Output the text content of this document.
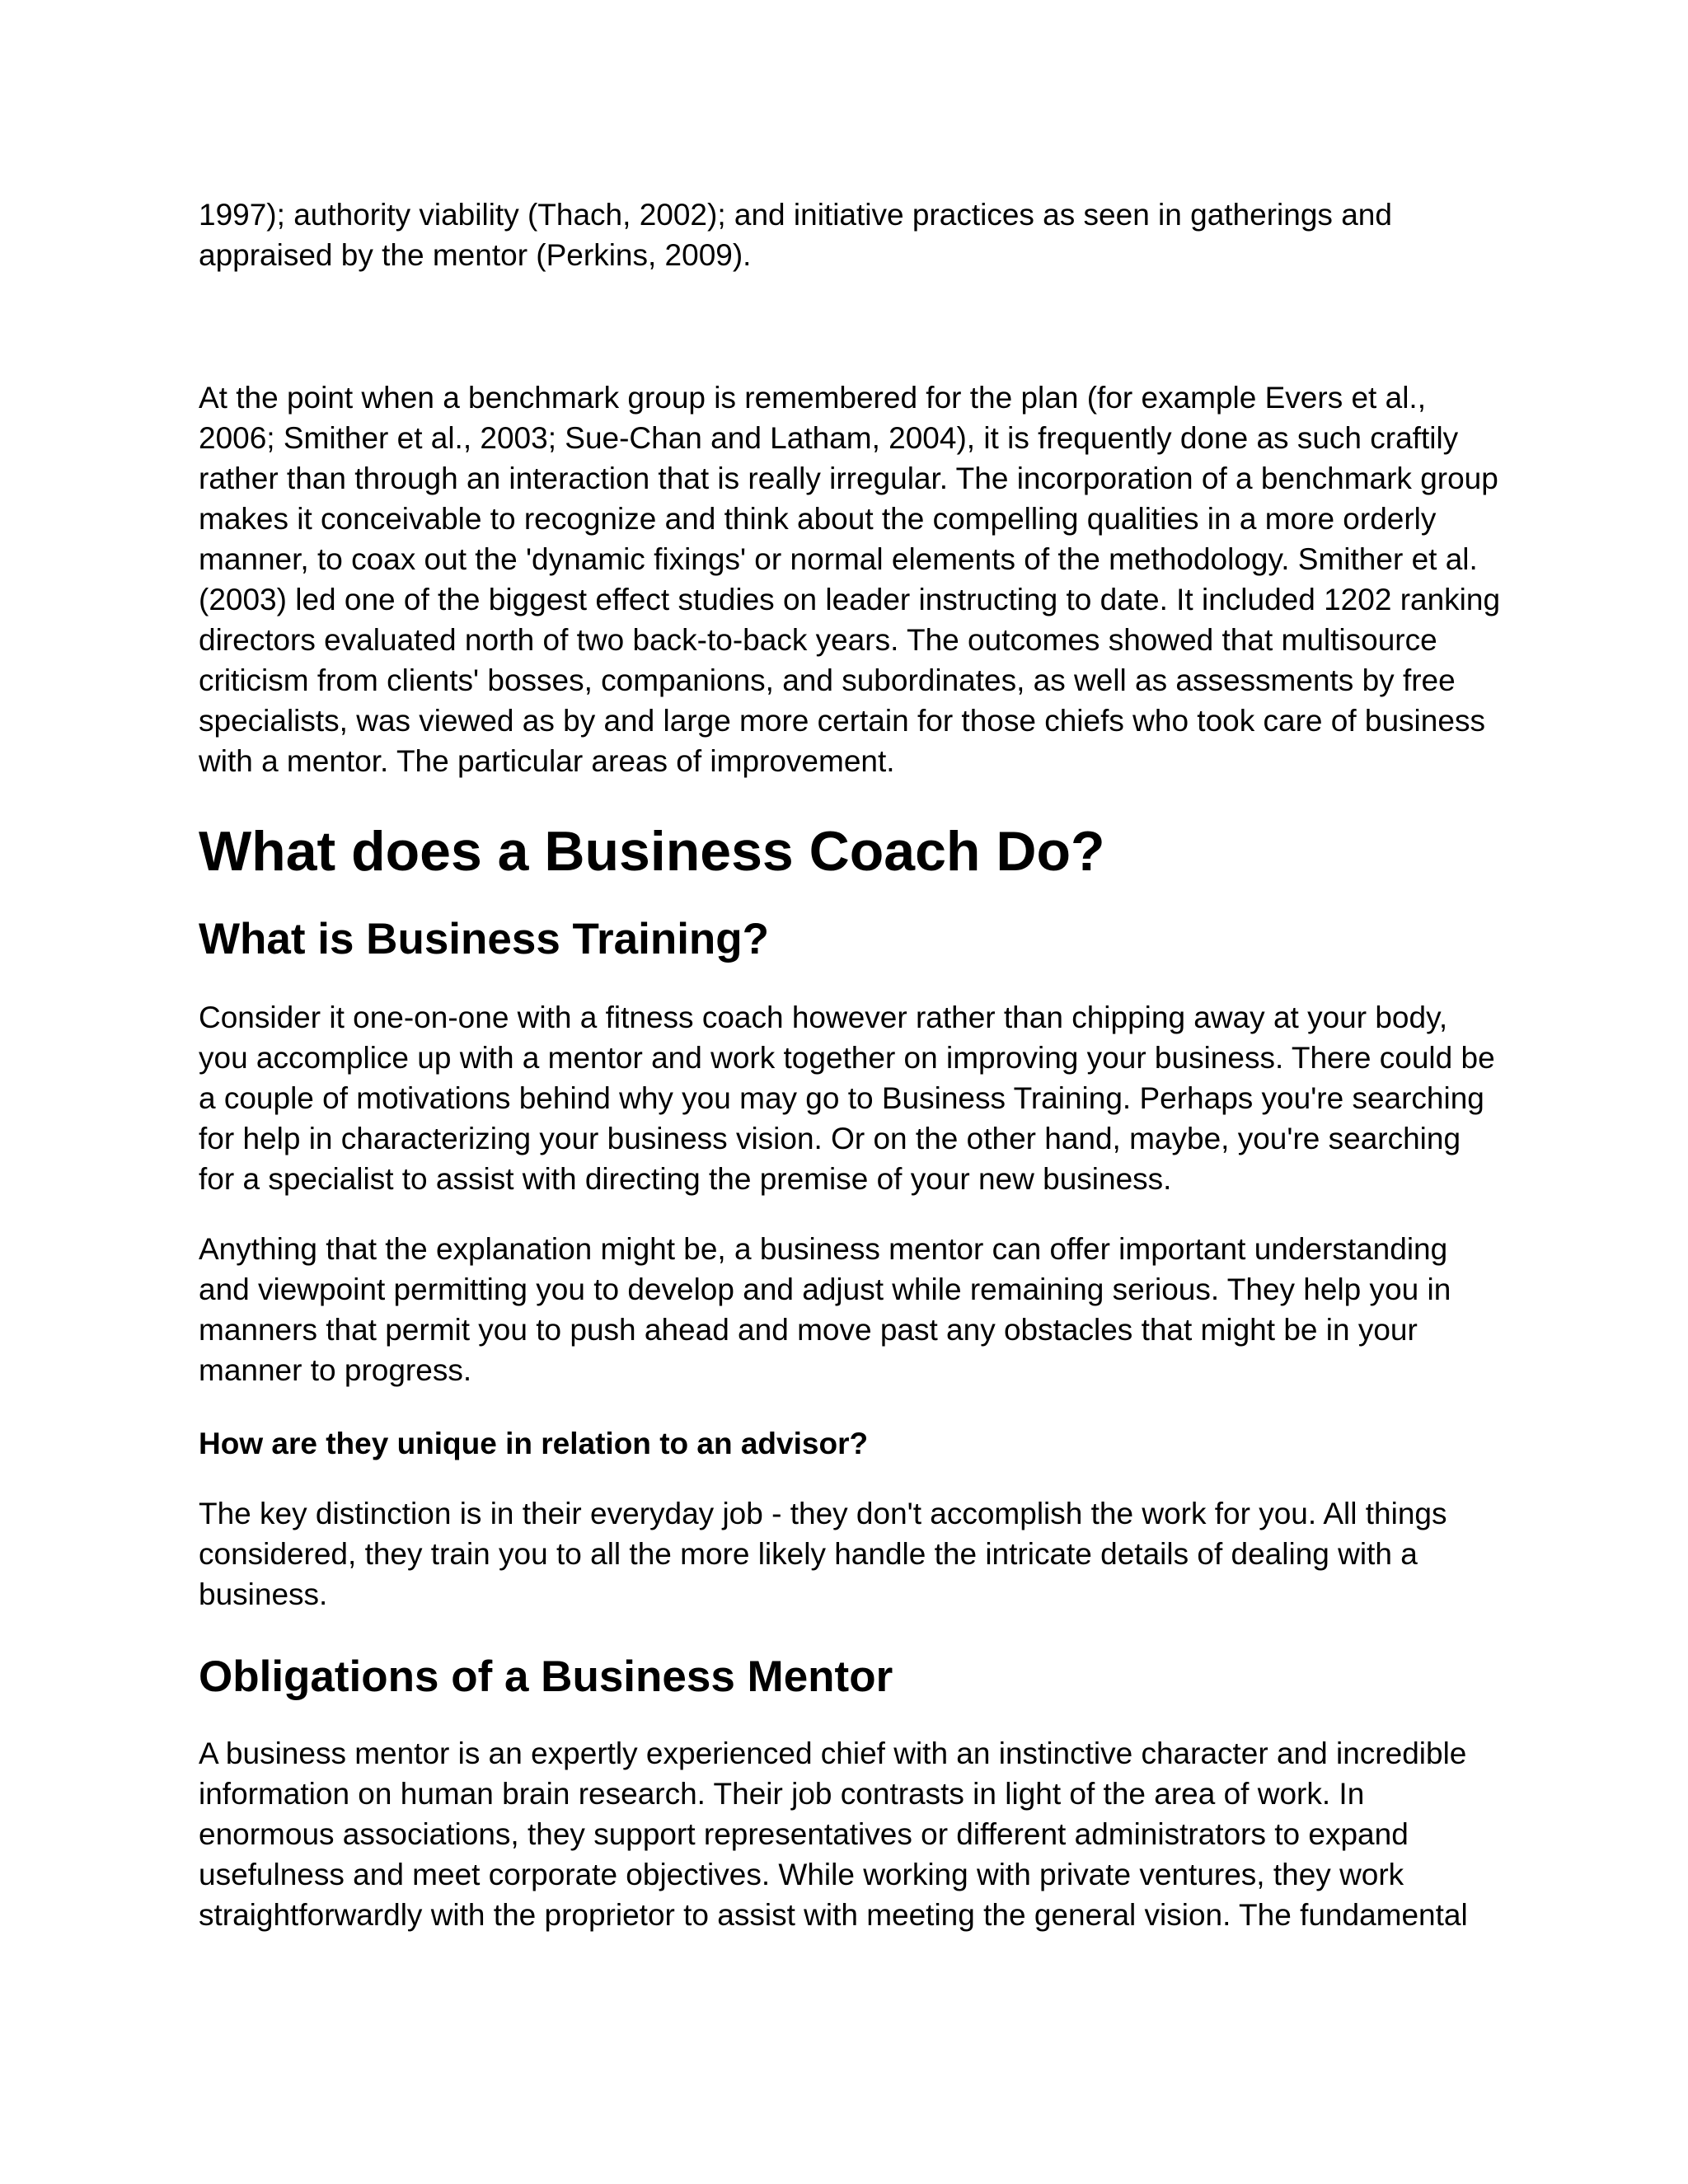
1997); authority viability (Thach, 2002); and initiative practices as seen in gatherings and appraised by the mentor (Perkins, 2009).

At the point when a benchmark group is remembered for the plan (for example Evers et al., 2006; Smither et al., 2003; Sue-Chan and Latham, 2004), it is frequently done as such craftily rather than through an interaction that is really irregular. The incorporation of a benchmark group makes it conceivable to recognize and think about the compelling qualities in a more orderly manner, to coax out the 'dynamic fixings' or normal elements of the methodology. Smither et al. (2003) led one of the biggest effect studies on leader instructing to date. It included 1202 ranking directors evaluated north of two back-to-back years. The outcomes showed that multisource criticism from clients' bosses, companions, and subordinates, as well as assessments by free specialists, was viewed as by and large more certain for those chiefs who took care of business with a mentor. The particular areas of improvement.

What does a Business Coach Do?
What is Business Training?

Consider it one-on-one with a fitness coach however rather than chipping away at your body, you accomplice up with a mentor and work together on improving your business. There could be a couple of motivations behind why you may go to Business Training. Perhaps you're searching for help in characterizing your business vision. Or on the other hand, maybe, you're searching for a specialist to assist with directing the premise of your new business.

Anything that the explanation might be, a business mentor can offer important understanding and viewpoint permitting you to develop and adjust while remaining serious. They help you in manners that permit you to push ahead and move past any obstacles that might be in your manner to progress.

How are they unique in relation to an advisor?

The key distinction is in their everyday job - they don't accomplish the work for you. All things considered, they train you to all the more likely handle the intricate details of dealing with a business.

Obligations of a Business Mentor

A business mentor is an expertly experienced chief with an instinctive character and incredible information on human brain research. Their job contrasts in light of the area of work. In enormous associations, they support representatives or different administrators to expand usefulness and meet corporate objectives. While working with private ventures, they work straightforwardly with the proprietor to assist with meeting the general vision. The fundamental
